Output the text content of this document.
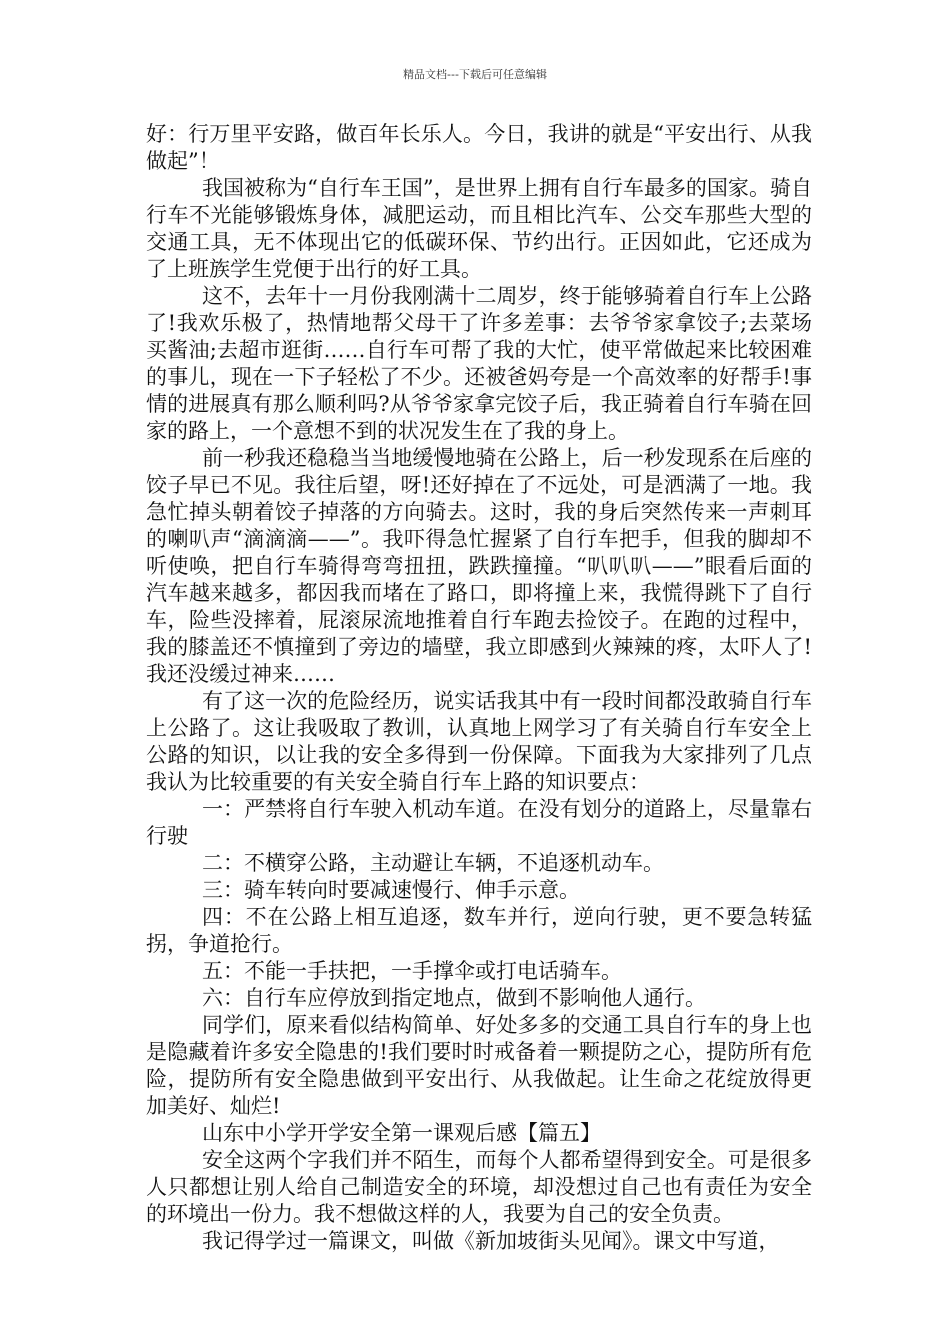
精品文档---下载后可任意编辑

好：行万里平安路，做百年长乐人。今日，我讲的就是“平安出行、从我做起”！

我国被称为“自行车王国”，是世界上拥有自行车最多的国家。骑自行车不光能够锻炼身体，减肥运动，而且相比汽车、公交车那些大型的交通工具，无不体现出它的低碳环保、节约出行。正因如此，它还成为了上班族学生党便于出行的好工具。

这不，去年十一月份我刚满十二周岁，终于能够骑着自行车上公路了!我欢乐极了，热情地帮父母干了许多差事：去爷爷家拿饺子;去菜场买酱油;去超市逛街……自行车可帮了我的大忙，使平常做起来比较困难的事儿，现在一下子轻松了不少。还被爸妈夸是一个高效率的好帮手!事情的进展真有那么顺利吗?从爷爷家拿完饺子后，我正骑着自行车骑在回家的路上，一个意想不到的状况发生在了我的身上。

前一秒我还稳稳当当地缓慢地骑在公路上，后一秒发现系在后座的饺子早已不见。我往后望，呀!还好掉在了不远处，可是洒满了一地。我急忙掉头朝着饺子掉落的方向骑去。这时，我的身后突然传来一声刺耳的喇叭声“滴滴滴——”。我吓得急忙握紧了自行车把手，但我的脚却不听使唤，把自行车骑得弯弯扭扭，跌跌撞撞。“叭叭叭——”眼看后面的汽车越来越多，都因我而堵在了路口，即将撞上来，我慌得跳下了自行车，险些没摔着，屁滚尿流地推着自行车跑去捡饺子。在跑的过程中，我的膝盖还不慎撞到了旁边的墙壁，我立即感到火辣辣的疼，太吓人了!我还没缓过神来……

有了这一次的危险经历，说实话我其中有一段时间都没敢骑自行车上公路了。这让我吸取了教训，认真地上网学习了有关骑自行车安全上公路的知识，以让我的安全多得到一份保障。下面我为大家排列了几点我认为比较重要的有关安全骑自行车上路的知识要点：

一：严禁将自行车驶入机动车道。在没有划分的道路上，尽量靠右行驶

二：不横穿公路，主动避让车辆，不追逐机动车。

三：骑车转向时要减速慢行、伸手示意。

四：不在公路上相互追逐，数车并行，逆向行驶，更不要急转猛拐，争道抢行。

五：不能一手扶把，一手撑伞或打电话骑车。

六：自行车应停放到指定地点，做到不影响他人通行。

同学们，原来看似结构简单、好处多多的交通工具自行车的身上也是隐藏着许多安全隐患的!我们要时时戒备着一颗提防之心，提防所有危险，提防所有安全隐患做到平安出行、从我做起。让生命之花绽放得更加美好、灿烂!

山东中小学开学安全第一课观后感【篇五】

安全这两个字我们并不陌生，而每个人都希望得到安全。可是很多人只都想让别人给自己制造安全的环境，却没想过自己也有责任为安全的环境出一份力。我不想做这样的人，我要为自己的安全负责。

我记得学过一篇课文，叫做《新加坡街头见闻》。课文中写道，
